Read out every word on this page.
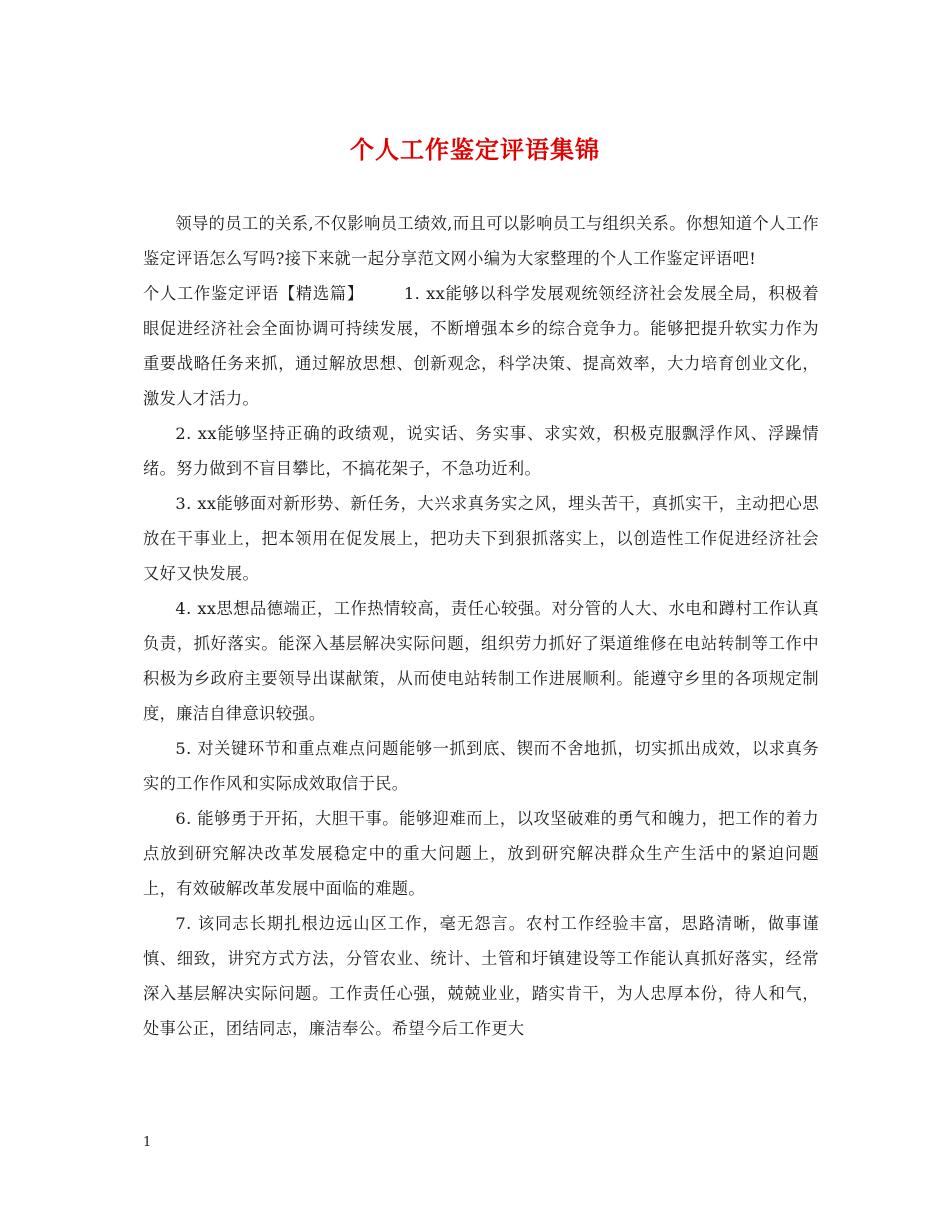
个人工作鉴定评语集锦

领导的员工的关系,不仅影响员工绩效,而且可以影响员工与组织关系。你想知道个人工作鉴定评语怎么写吗?接下来就一起分享范文网小编为大家整理的个人工作鉴定评语吧!

个人工作鉴定评语【精选篇】 1. xx能够以科学发展观统领经济社会发展全局，积极着眼促进经济社会全面协调可持续发展，不断增强本乡的综合竞争力。能够把提升软实力作为重要战略任务来抓，通过解放思想、创新观念，科学决策、提高效率，大力培育创业文化，激发人才活力。

2. xx能够坚持正确的政绩观，说实话、务实事、求实效，积极克服飘浮作风、浮躁情绪。努力做到不盲目攀比，不搞花架子，不急功近利。

3. xx能够面对新形势、新任务，大兴求真务实之风，埋头苦干，真抓实干，主动把心思放在干事业上，把本领用在促发展上，把功夫下到狠抓落实上，以创造性工作促进经济社会又好又快发展。

4. xx思想品德端正，工作热情较高，责任心较强。对分管的人大、水电和蹲村工作认真负责，抓好落实。能深入基层解决实际问题，组织劳力抓好了渠道维修在电站转制等工作中积极为乡政府主要领导出谋献策，从而使电站转制工作进展顺利。能遵守乡里的各项规定制度，廉洁自律意识较强。

5. 对关键环节和重点难点问题能够一抓到底、锲而不舍地抓，切实抓出成效，以求真务实的工作作风和实际成效取信于民。

6. 能够勇于开拓，大胆干事。能够迎难而上，以攻坚破难的勇气和魄力，把工作的着力点放到研究解决改革发展稳定中的重大问题上，放到研究解决群众生产生活中的紧迫问题上，有效破解改革发展中面临的难题。

7. 该同志长期扎根边远山区工作，毫无怨言。农村工作经验丰富，思路清晰，做事谨慎、细致，讲究方式方法，分管农业、统计、土管和圩镇建设等工作能认真抓好落实，经常深入基层解决实际问题。工作责任心强，兢兢业业，踏实肯干，为人忠厚本份，待人和气，处事公正，团结同志，廉洁奉公。希望今后工作更大

1
